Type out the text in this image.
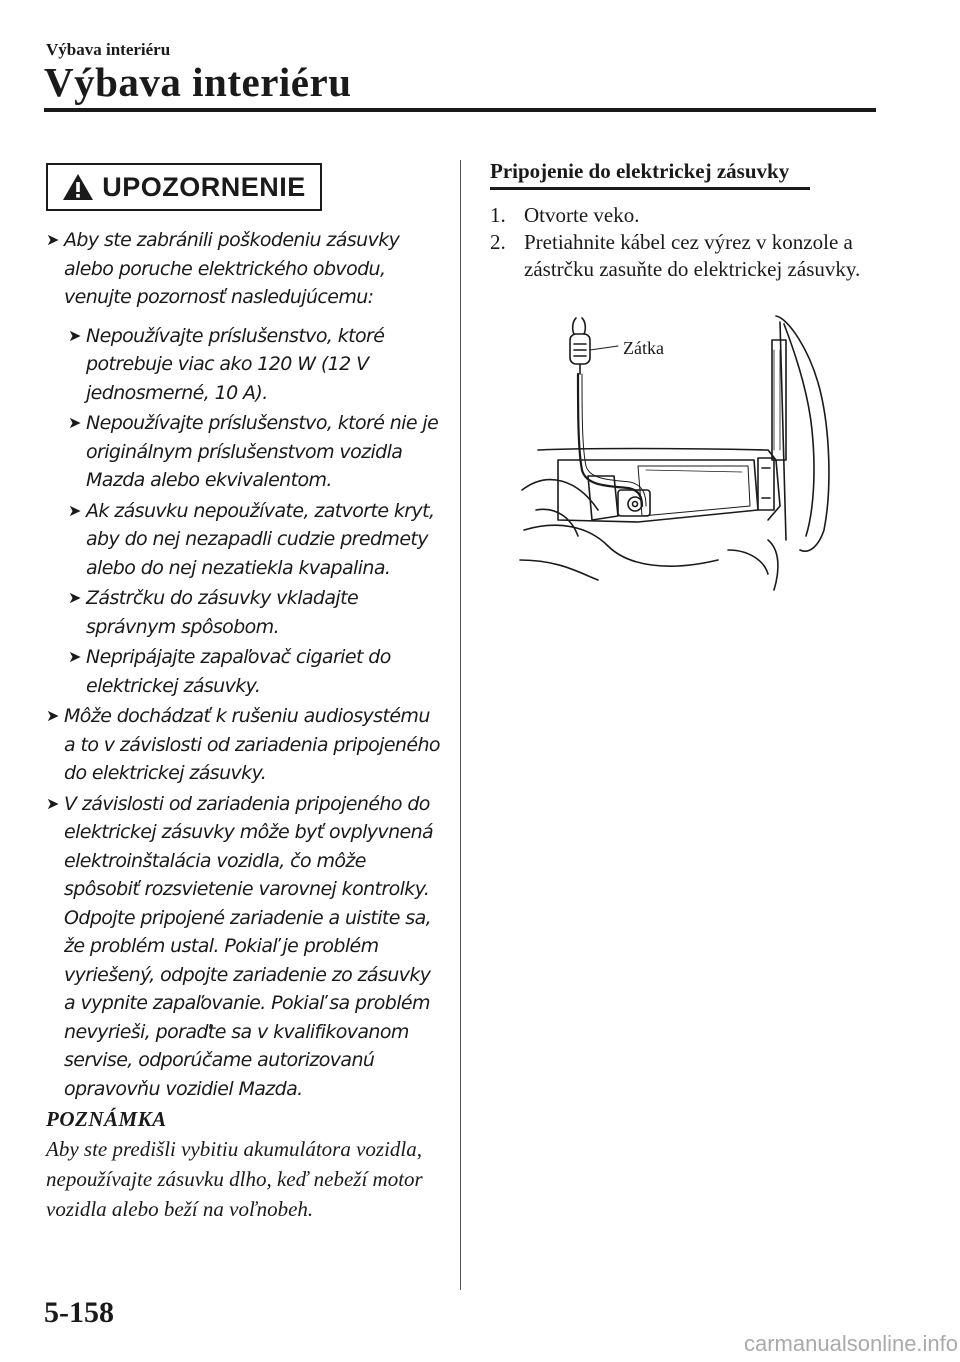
Výbava interiéru
Výbava interiéru
UPOZORNENIE
➤ Aby ste zabránili poškodeniu zásuvky alebo poruche elektrického obvodu, venujte pozornosť nasledujúcemu:
➤ Nepoužívajte príslušenstvo, ktoré potrebuje viac ako 120 W (12 V jednosmerné, 10 A).
➤ Nepoužívajte príslušenstvo, ktoré nie je originálnym príslušenstvom vozidla Mazda alebo ekvivalentom.
➤ Ak zásuvku nepoužívate, zatvorte kryt, aby do nej nezapadli cudzie predmety alebo do nej nezatiekla kvapalina.
➤ Zástrčku do zásuvky vkladajte správnym spôsobom.
➤ Nepripájajte zapaľovač cigariet do elektrickej zásuvky.
➤ Môže dochádzať k rušeniu audiosystému a to v závislosti od zariadenia pripojeného do elektrickej zásuvky.
➤ V závislosti od zariadenia pripojeného do elektrickej zásuvky môže byť ovplyvnená elektroinštalácia vozidla, čo môže spôsobiť rozsvietenie varovnej kontrolky. Odpojte pripojené zariadenie a uistite sa, že problém ustal. Pokiaľ je problém vyriešený, odpojte zariadenie zo zásuvky a vypnite zapaľovanie. Pokiaľ sa problém nevyrieši, poraďte sa v kvalifikovanom servise, odporúčame autorizovanú opravovňu vozidiel Mazda.
POZNÁMKA
Aby ste predišli vybitiu akumulátora vozidla, nepoužívajte zásuvku dlho, keď nebeží motor vozidla alebo beží na voľnobeh.
Pripojenie do elektrickej zásuvky
1. Otvorte veko.
2. Pretiahnite kábel cez výrez v konzole a zástrčku zasuňte do elektrickej zásuvky.
Zátka
5-158
carmanualsonline.info
